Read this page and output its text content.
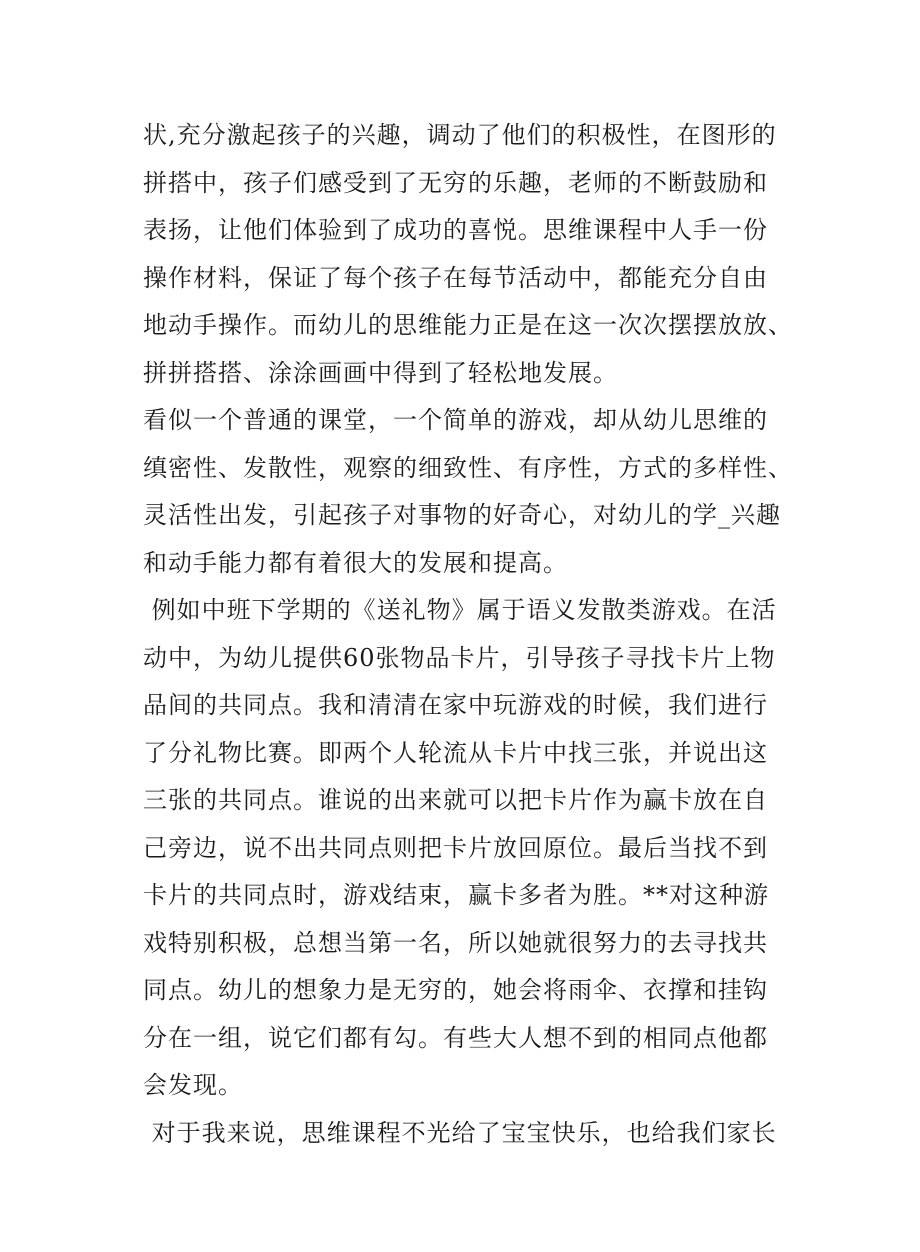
状,充分激起孩子的兴趣，调动了他们的积极性，在图形的
拼搭中，孩子们感受到了无穷的乐趣，老师的不断鼓励和
表扬，让他们体验到了成功的喜悦。思维课程中人手一份
操作材料，保证了每个孩子在每节活动中，都能充分自由
地动手操作。而幼儿的思维能力正是在这一次次摆摆放放、
拼拼搭搭、涂涂画画中得到了轻松地发展。
看似一个普通的课堂，一个简单的游戏，却从幼儿思维的
缜密性、发散性，观察的细致性、有序性，方式的多样性、
灵活性出发，引起孩子对事物的好奇心，对幼儿的学_兴趣
和动手能力都有着很大的发展和提高。
例如中班下学期的《送礼物》属于语义发散类游戏。在活
动中，为幼儿提供60张物品卡片，引导孩子寻找卡片上物
品间的共同点。我和清清在家中玩游戏的时候，我们进行
了分礼物比赛。即两个人轮流从卡片中找三张，并说出这
三张的共同点。谁说的出来就可以把卡片作为赢卡放在自
己旁边，说不出共同点则把卡片放回原位。最后当找不到
卡片的共同点时，游戏结束，赢卡多者为胜。**对这种游
戏特别积极，总想当第一名，所以她就很努力的去寻找共
同点。幼儿的想象力是无穷的，她会将雨伞、衣撑和挂钩
分在一组，说它们都有勾。有些大人想不到的相同点他都
会发现。
对于我来说，思维课程不光给了宝宝快乐，也给我们家长
